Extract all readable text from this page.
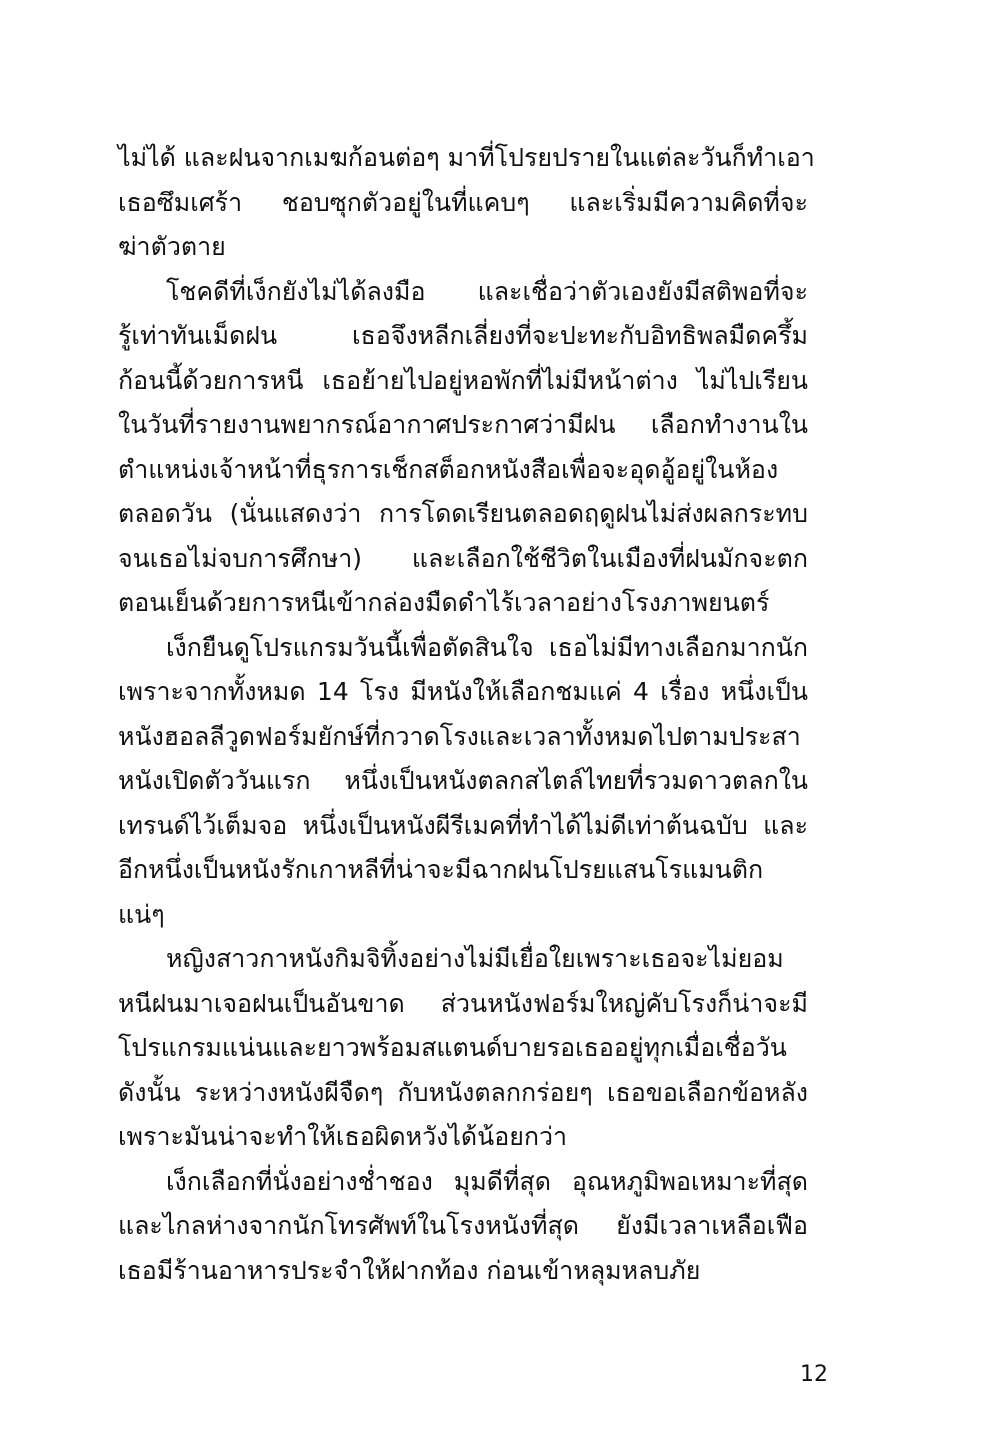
ไม่ได้ และฝนจากเมฆก้อนต่อๆ มาที่โปรยปรายในแต่ละวันก็ทำเอา
เธอซึมเศร้า ชอบซุกตัวอยู่ในที่แคบๆ และเริ่มมีความคิดที่จะ
ฆ่าตัวตาย
โชคดีที่เง็กยังไม่ได้ลงมือ และเชื่อว่าตัวเองยังมีสติพอที่จะ
รู้เท่าทันเม็ดฝน เธอจึงหลีกเลี่ยงที่จะปะทะกับอิทธิพลมืดครึ้ม
ก้อนนี้ด้วยการหนี เธอย้ายไปอยู่หอพักที่ไม่มีหน้าต่าง ไม่ไปเรียน
ในวันที่รายงานพยากรณ์อากาศประกาศว่ามีฝน เลือกทำงานใน
ตำแหน่งเจ้าหน้าที่ธุรการเช็กสต็อกหนังสือเพื่อจะอุดอู้อยู่ในห้อง
ตลอดวัน (นั่นแสดงว่า การโดดเรียนตลอดฤดูฝนไม่ส่งผลกระทบ
จนเธอไม่จบการศึกษา) และเลือกใช้ชีวิตในเมืองที่ฝนมักจะตก
ตอนเย็นด้วยการหนีเข้ากล่องมืดดำไร้เวลาอย่างโรงภาพยนตร์
เง็กยืนดูโปรแกรมวันนี้เพื่อตัดสินใจ เธอไม่มีทางเลือกมากนัก
เพราะจากทั้งหมด 14 โรง มีหนังให้เลือกชมแค่ 4 เรื่อง หนึ่งเป็น
หนังฮอลลีวูดฟอร์มยักษ์ที่กวาดโรงและเวลาทั้งหมดไปตามประสา
หนังเปิดตัววันแรก หนึ่งเป็นหนังตลกสไตล์ไทยที่รวมดาวตลกใน
เทรนด์ไว้เต็มจอ หนึ่งเป็นหนังผีรีเมคที่ทำได้ไม่ดีเท่าต้นฉบับ และ
อีกหนึ่งเป็นหนังรักเกาหลีที่น่าจะมีฉากฝนโปรยแสนโรแมนติก
แน่ๆ
หญิงสาวกาหนังกิมจิทิ้งอย่างไม่มีเยื่อใยเพราะเธอจะไม่ยอม
หนีฝนมาเจอฝนเป็นอันขาด ส่วนหนังฟอร์มใหญ่คับโรงก็น่าจะมี
โปรแกรมแน่นและยาวพร้อมสแตนด์บายรอเธออยู่ทุกเมื่อเชื่อวัน
ดังนั้น ระหว่างหนังผีจืดๆ กับหนังตลกกร่อยๆ เธอขอเลือกข้อหลัง
เพราะมันน่าจะทำให้เธอผิดหวังได้น้อยกว่า
เง็กเลือกที่นั่งอย่างช่ำชอง มุมดีที่สุด อุณหภูมิพอเหมาะที่สุด
และไกลห่างจากนักโทรศัพท์ในโรงหนังที่สุด ยังมีเวลาเหลือเฟือ
เธอมีร้านอาหารประจำให้ฝากท้อง ก่อนเข้าหลุมหลบภัย
12
